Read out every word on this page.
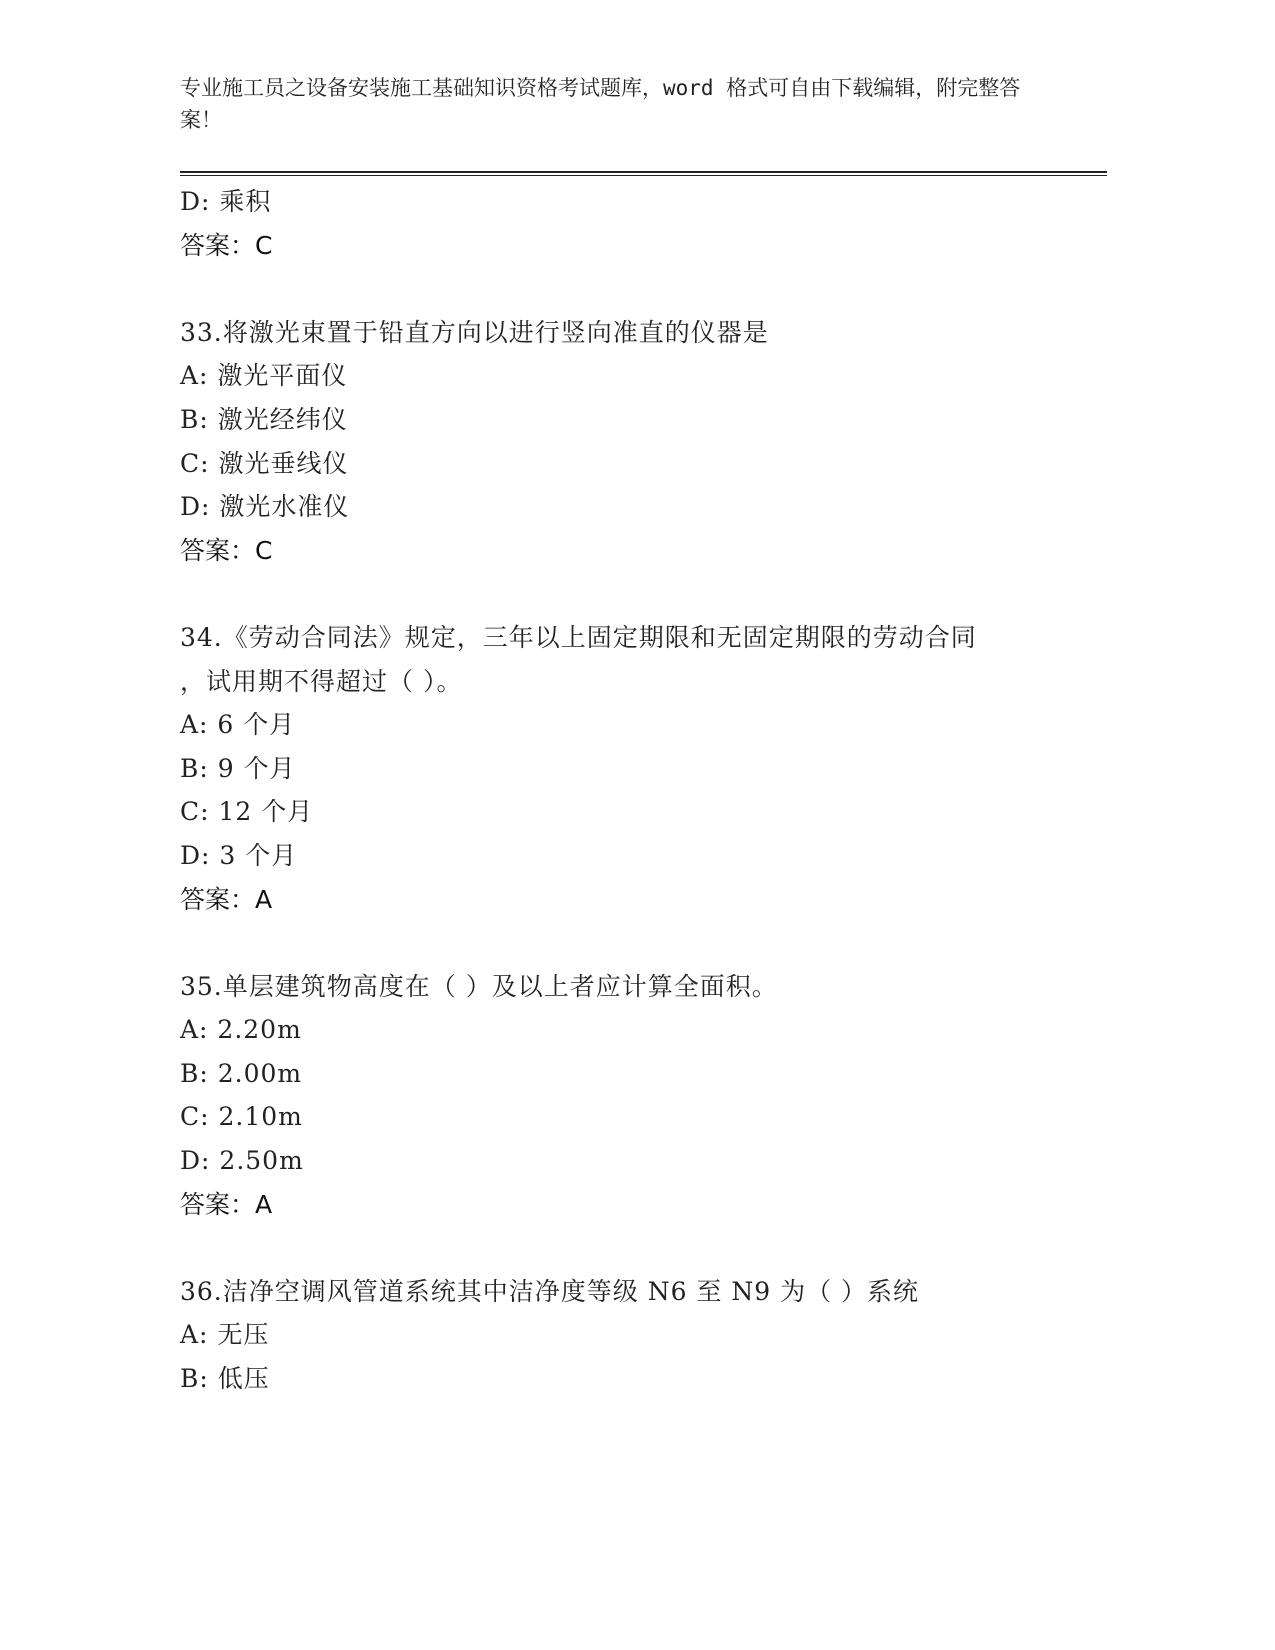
专业施工员之设备安装施工基础知识资格考试题库，word 格式可自由下载编辑，附完整答案！
D: 乘积
答案：C
33.将激光束置于铅直方向以进行竖向准直的仪器是
A: 激光平面仪
B: 激光经纬仪
C: 激光垂线仪
D: 激光水准仪
答案：C
34.《劳动合同法》规定，三年以上固定期限和无固定期限的劳动合同
，试用期不得超过（ ）。
A: 6 个月
B: 9 个月
C: 12 个月
D: 3 个月
答案：A
35.单层建筑物高度在（ ）及以上者应计算全面积。
A: 2.20m
B: 2.00m
C: 2.10m
D: 2.50m
答案：A
36.洁净空调风管道系统其中洁净度等级 N6 至 N9 为（ ）系统
A: 无压
B: 低压
